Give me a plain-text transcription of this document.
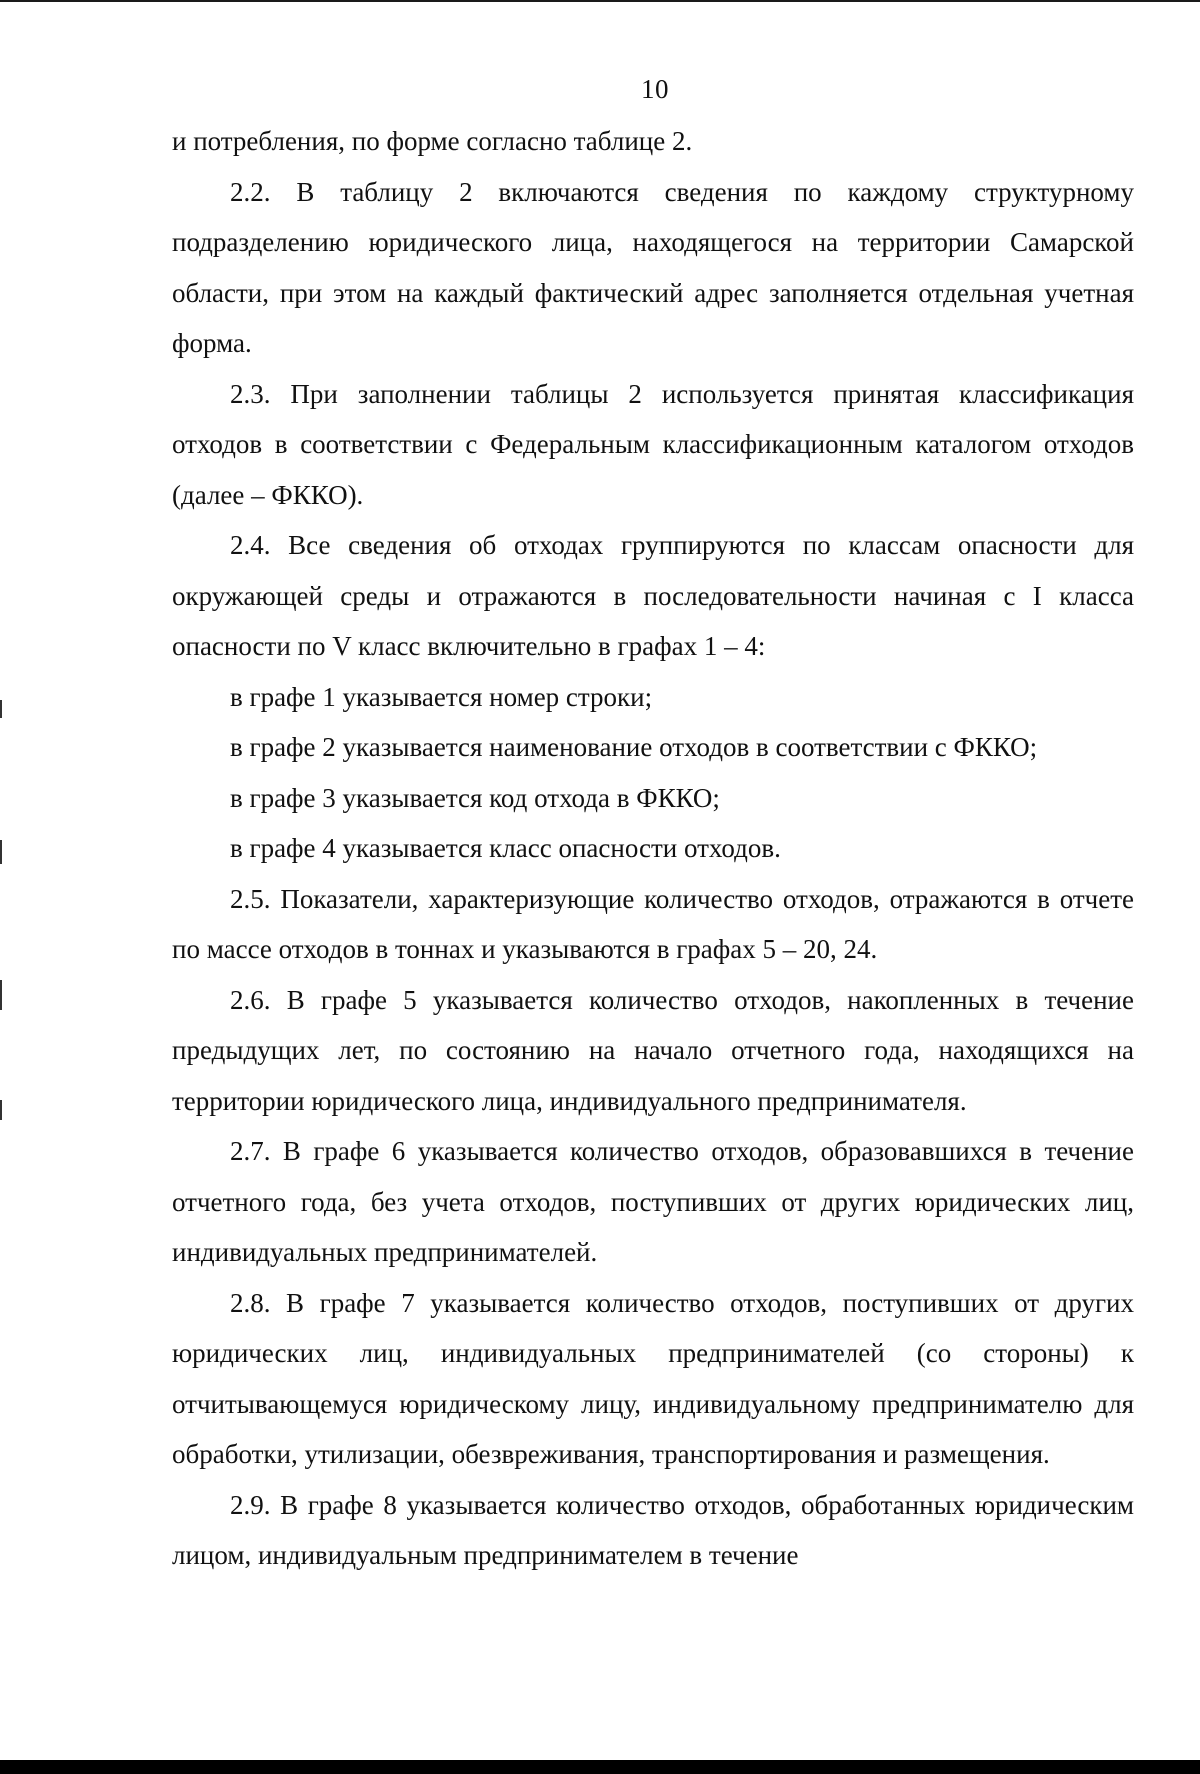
10

и потребления, по форме согласно таблице 2.

2.2. В таблицу 2 включаются сведения по каждому структурному подразделению юридического лица, находящегося на территории Самарской области, при этом на каждый фактический адрес заполняется отдельная учетная форма.

2.3. При заполнении таблицы 2 используется принятая классификация отходов в соответствии с Федеральным классификационным каталогом отходов (далее – ФККО).

2.4. Все сведения об отходах группируются по классам опасности для окружающей среды и отражаются в последовательности начиная с I класса опасности по V класс включительно в графах 1 – 4:

в графе 1 указывается номер строки;

в графе 2 указывается наименование отходов в соответствии с ФККО;

в графе 3 указывается код отхода в ФККО;

в графе 4 указывается класс опасности отходов.

2.5. Показатели, характеризующие количество отходов, отражаются в отчете по массе отходов в тоннах и указываются в графах 5 – 20, 24.

2.6. В графе 5 указывается количество отходов, накопленных в течение предыдущих лет, по состоянию на начало отчетного года, находящихся на территории юридического лица, индивидуального предпринимателя.

2.7. В графе 6 указывается количество отходов, образовавшихся в течение отчетного года, без учета отходов, поступивших от других юридических лиц, индивидуальных предпринимателей.

2.8. В графе 7 указывается количество отходов, поступивших от других юридических лиц, индивидуальных предпринимателей (со стороны) к отчитывающемуся юридическому лицу, индивидуальному предпринимателю для обработки, утилизации, обезвреживания, транспортирования и размещения.

2.9. В графе 8 указывается количество отходов, обработанных юридическим лицом, индивидуальным предпринимателем в течение
